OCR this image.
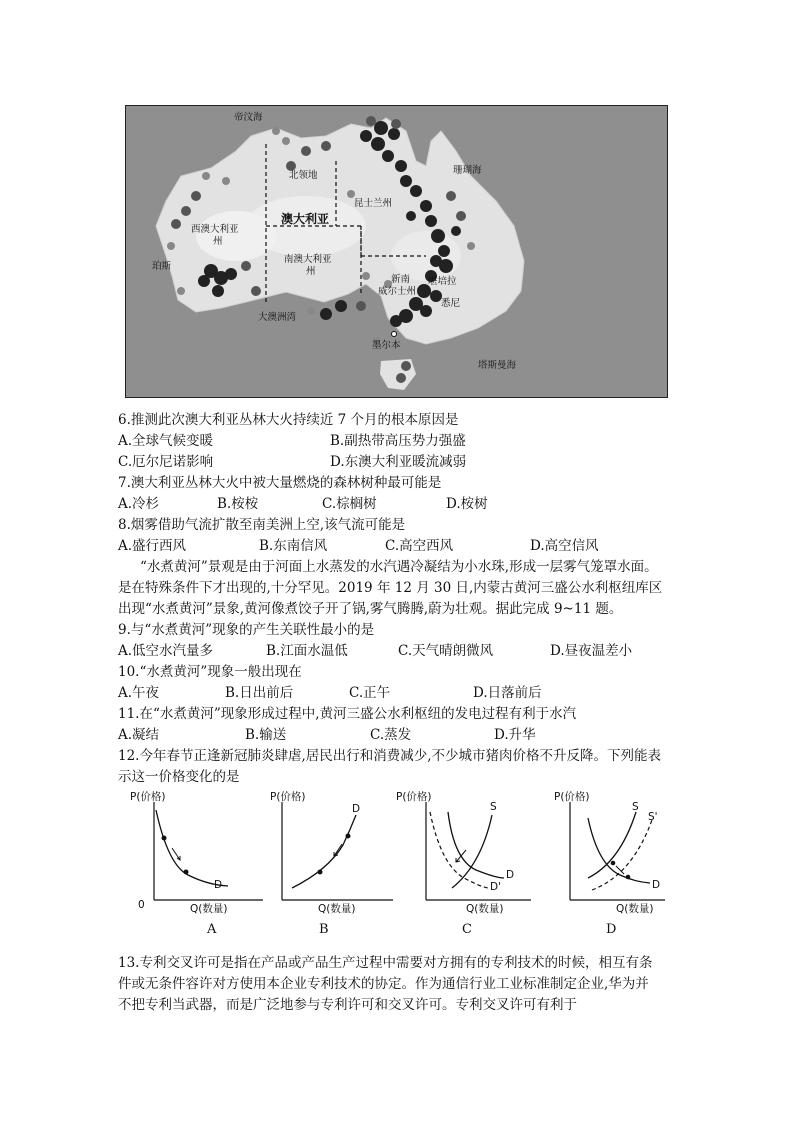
帝汶海
北领地	珊瑚海
昆士兰州
澳大利亚
西澳大利亚
州
珀斯
南澳大利亚
州
新南
威尔士州
堪培拉
悉尼
大澳洲湾
墨尔本
塔斯曼海
6.推测此次澳大利亚丛林大火持续近 7 个月的根本原因是
A.全球气候变暖	B.副热带高压势力强盛
C.厄尔尼诺影响	D.东澳大利亚暖流减弱
7.澳大利亚丛林大火中被大量燃烧的森林树种最可能是
A.冷杉	B.桉桉	C.棕榈树	D.桉树
8.烟雾借助气流扩散至南美洲上空,该气流可能是
A.盛行西风	B.东南信风	C.高空西风	D.高空信风
“水煮黄河”景观是由于河面上水蒸发的水汽遇冷凝结为小水珠,形成一层雾气笼罩水面。
是在特殊条件下才出现的,十分罕见。2019 年 12 月 30 日,内蒙古黄河三盛公水利枢纽库区
出现“水煮黄河”景象,黄河像煮饺子开了锅,雾气腾腾,蔚为壮观。据此完成 9~11 题。
9.与“水煮黄河”现象的产生关联性最小的是
A.低空水汽量多	B.江面水温低	C.天气晴朗微风	D.昼夜温差小
10.“水煮黄河”现象一般出现在
A.午夜	B.日出前后	C.正午	D.日落前后
11.在“水煮黄河”现象形成过程中,黄河三盛公水利枢纽的发电过程有利于水汽
A.凝结	B.输送	C.蒸发	D.升华
12.今年春节正逢新冠肺炎肆虐,居民出行和消费减少,不少城市猪肉价格不升反降。下列能表
示这一价格变化的是
P(价格)
Q(数量)
0
D
A
P(价格)
Q(数量)
D
B
P(价格)
Q(数量)
S
D
D'
C
P(价格)
Q(数量)
S
S'
D
D
13.专利交叉许可是指在产品或产品生产过程中需要对方拥有的专利技术的时候，相互有条
件或无条件容许对方使用本企业专利技术的协定。作为通信行业工业标准制定企业,华为并
不把专利当武器，而是广泛地参与专利许可和交叉许可。专利交叉许可有利于
